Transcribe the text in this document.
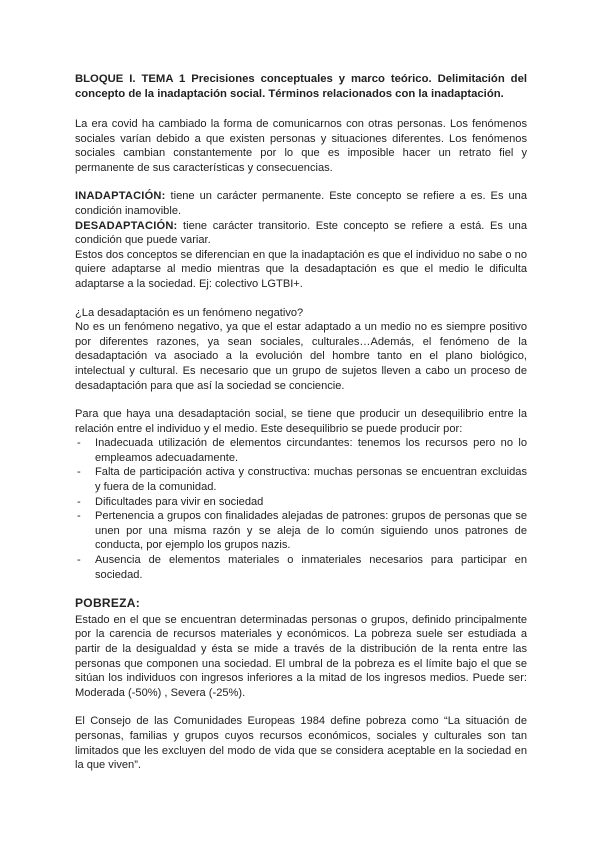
BLOQUE I. TEMA 1 Precisiones conceptuales y marco teórico. Delimitación del concepto de la inadaptación social. Términos relacionados con la inadaptación.

La era covid ha cambiado la forma de comunicarnos con otras personas. Los fenómenos sociales varían debido a que existen personas y situaciones diferentes. Los fenómenos sociales cambian constantemente por lo que es imposible hacer un retrato fiel y permanente de sus características y consecuencias.

INADAPTACIÓN: tiene un carácter permanente. Este concepto se refiere a es. Es una condición inamovible.

DESADAPTACIÓN: tiene carácter transitorio. Este concepto se refiere a está. Es una condición que puede variar.

Estos dos conceptos se diferencian en que la inadaptación es que el individuo no sabe o no quiere adaptarse al medio mientras que la desadaptación es que el medio le dificulta adaptarse a la sociedad. Ej: colectivo LGTBI+.

¿La desadaptación es un fenómeno negativo?

No es un fenómeno negativo, ya que el estar adaptado a un medio no es siempre positivo por diferentes razones, ya sean sociales, culturales…Además, el fenómeno de la desadaptación va asociado a la evolución del hombre tanto en el plano biológico, intelectual y cultural. Es necesario que un grupo de sujetos lleven a cabo un proceso de desadaptación para que así la sociedad se conciencie.

Para que haya una desadaptación social, se tiene que producir un desequilibrio entre la relación entre el individuo y el medio. Este desequilibrio se puede producir por:

- Inadecuada utilización de elementos circundantes: tenemos los recursos pero no lo empleamos adecuadamente.
- Falta de participación activa y constructiva: muchas personas se encuentran excluidas y fuera de la comunidad.
- Dificultades para vivir en sociedad
- Pertenencia a grupos con finalidades alejadas de patrones: grupos de personas que se unen por una misma razón y se aleja de lo común siguiendo unos patrones de conducta, por ejemplo los grupos nazis.
- Ausencia de elementos materiales o inmateriales necesarios para participar en sociedad.

POBREZA:

Estado en el que se encuentran determinadas personas o grupos, definido principalmente por la carencia de recursos materiales y económicos. La pobreza suele ser estudiada a partir de la desigualdad y ésta se mide a través de la distribución de la renta entre las personas que componen una sociedad. El umbral de la pobreza es el límite bajo el que se sitúan los individuos con ingresos inferiores a la mitad de los ingresos medios. Puede ser: Moderada (-50%) , Severa (-25%).

El Consejo de las Comunidades Europeas 1984 define pobreza como “La situación de personas, familias y grupos cuyos recursos económicos, sociales y culturales son tan limitados que les excluyen del modo de vida que se considera aceptable en la sociedad en la que viven”.
